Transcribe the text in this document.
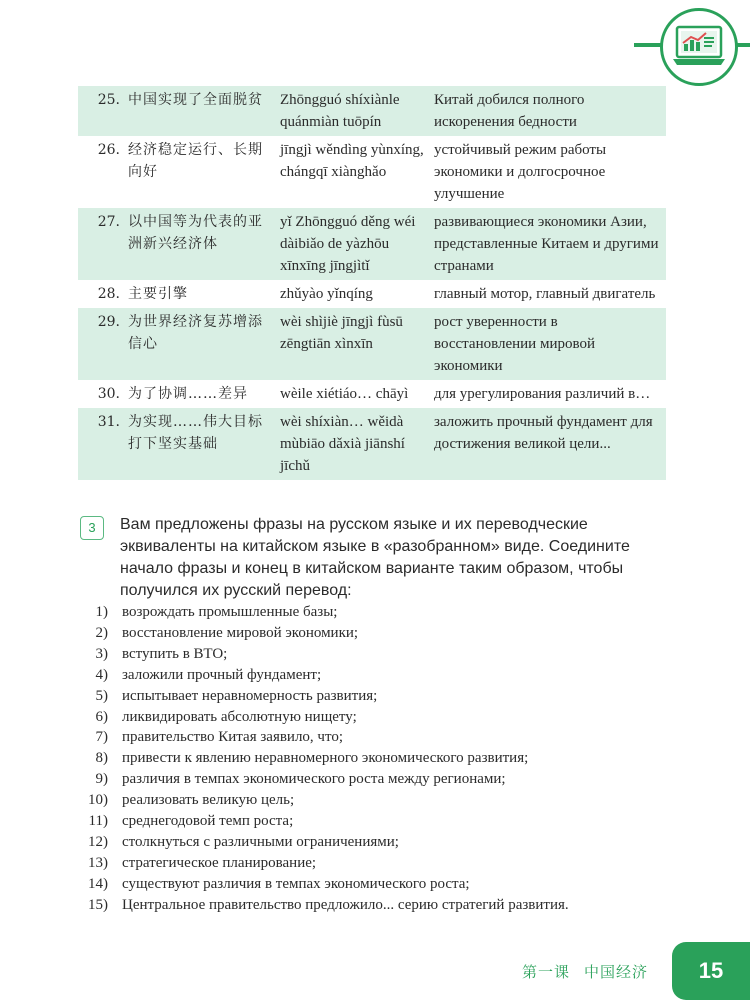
25.	中国实现了全面脱贫	Zhōngguó shíxiànle quánmiàn tuōpín	Китай добился полного искоренения бедности
26.	经济稳定运行、长期向好	jīngjì wěndìng yùnxíng, chángqī xiànghǎo	устойчивый режим работы экономики и долгосрочное улучшение
27.	以中国等为代表的亚洲新兴经济体	yǐ Zhōngguó děng wéi dàibiǎo de yàzhōu xīnxīng jīngjìtǐ	развивающиеся экономики Азии, представленные Китаем и другими странами
28.	主要引擎	zhǔyào yǐnqíng	главный мотор, главный двигатель
29.	为世界经济复苏增添信心	wèi shìjiè jīngjì fùsū zēngtiān xìnxīn	рост уверенности в восстановлении мировой экономики
30.	为了协调……差异	wèile xiétiáo… chāyì	для урегулирования различий в…
31.	为实现……伟大目标打下坚实基础	wèi shíxiàn… wěidà mùbiāo dǎxià jiānshí jīchǔ	заложить прочный фундамент для достижения великой цели...
3	Вам предложены фразы на русском языке и их переводческие эквиваленты на китайском языке в «разобранном» виде. Соедините начало фразы и конец в китайском варианте таким образом, чтобы получился их русский перевод:

1) возрождать промышленные базы;
2) восстановление мировой экономики;
3) вступить в ВТО;
4) заложили прочный фундамент;
5) испытывает неравномерность развития;
6) ликвидировать абсолютную нищету;
7) правительство Китая заявило, что;
8) привести к явлению неравномерного экономического развития;
9) различия в темпах экономического роста между регионами;
10) реализовать великую цель;
11) среднегодовой темп роста;
12) столкнуться с различными ограничениями;
13) стратегическое планирование;
14) существуют различия в темпах экономического роста;
15) Центральное правительство предложило... серию стратегий развития.
第一课 中国经济	15
